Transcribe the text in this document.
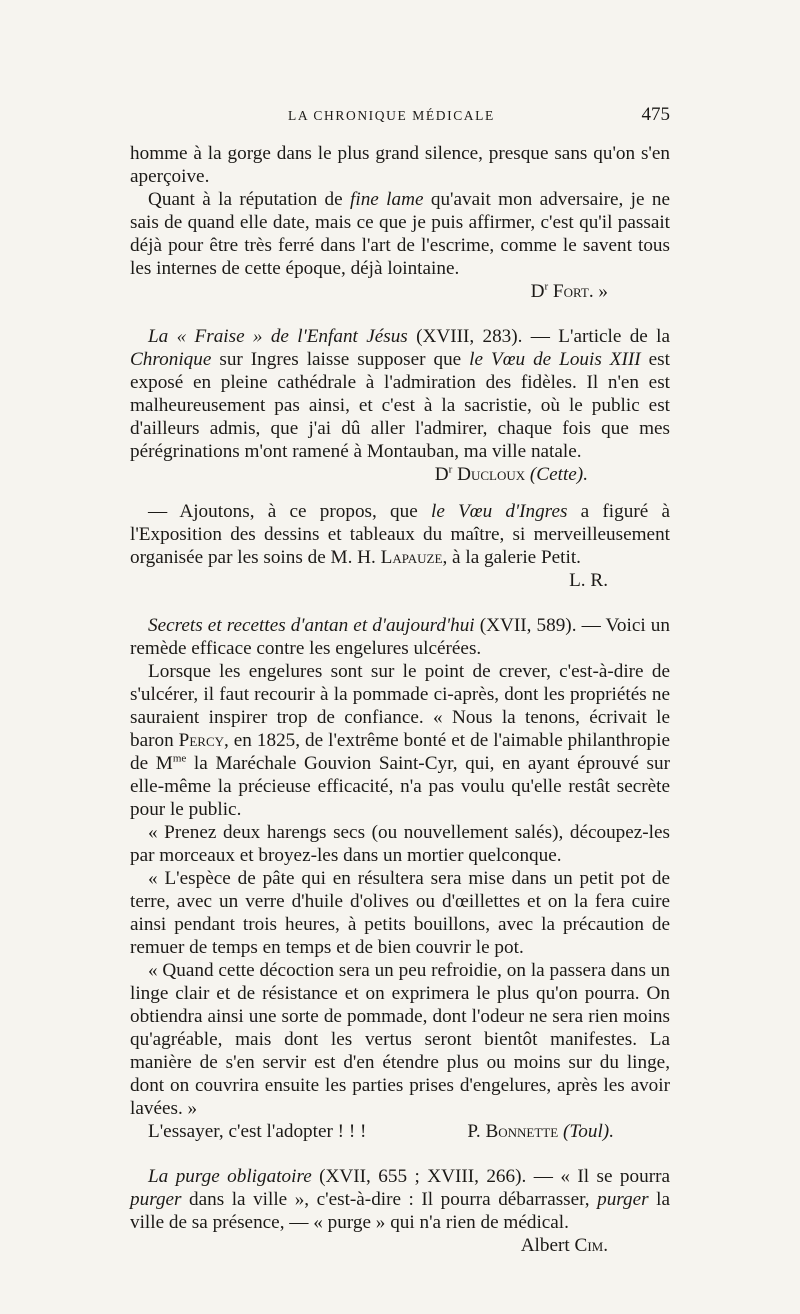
LA CHRONIQUE MÉDICALE	475

homme à la gorge dans le plus grand silence, presque sans qu'on s'en aperçoive.

Quant à la réputation de fine lame qu'avait mon adversaire, je ne sais de quand elle date, mais ce que je puis affirmer, c'est qu'il passait déjà pour être très ferré dans l'art de l'escrime, comme le savent tous les internes de cette époque, déjà lointaine.

$D^r$ Fort. »

La « Fraise » de l'Enfant Jésus (XVIII, 283). — L'article de la Chronique sur Ingres laisse supposer que le Vœu de Louis XIII est exposé en pleine cathédrale à l'admiration des fidèles. Il n'en est malheureusement pas ainsi, et c'est à la sacristie, où le public est d'ailleurs admis, que j'ai dû aller l'admirer, chaque fois que mes pérégrinations m'ont ramené à Montauban, ma ville natale.

$D^r$ Ducloux (Cette).

— Ajoutons, à ce propos, que le Vœu d'Ingres a figuré à l'Exposition des dessins et tableaux du maître, si merveilleusement organisée par les soins de M. H. Lapauze, à la galerie Petit.

L. R.

Secrets et recettes d'antan et d'aujourd'hui (XVII, 589). — Voici un remède efficace contre les engelures ulcérées.

Lorsque les engelures sont sur le point de crever, c'est-à-dire de s'ulcérer, il faut recourir à la pommade ci-après, dont les propriétés ne sauraient inspirer trop de confiance. « Nous la tenons, écrivait le baron Percy, en 1825, de l'extrême bonté et de l'aimable philanthropie de $M^{me}$ la Maréchale Gouvion Saint-Cyr, qui, en ayant éprouvé sur elle-même la précieuse efficacité, n'a pas voulu qu'elle restât secrète pour le public.

« Prenez deux harengs secs (ou nouvellement salés), découpez-les par morceaux et broyez-les dans un mortier quelconque.

« L'espèce de pâte qui en résultera sera mise dans un petit pot de terre, avec un verre d'huile d'olives ou d'œillettes et on la fera cuire ainsi pendant trois heures, à petits bouillons, avec la précaution de remuer de temps en temps et de bien couvrir le pot.

« Quand cette décoction sera un peu refroidie, on la passera dans un linge clair et de résistance et on exprimera le plus qu'on pourra. On obtiendra ainsi une sorte de pommade, dont l'odeur ne sera rien moins qu'agréable, mais dont les vertus seront bientôt manifestes. La manière de s'en servir est d'en étendre plus ou moins sur du linge, dont on couvrira ensuite les parties prises d'engelures, après les avoir lavées. »

L'essayer, c'est l'adopter ! ! !	P. Bonnette (Toul).

La purge obligatoire (XVII, 655 ; XVIII, 266). — « Il se pourra purger dans la ville », c'est-à-dire : Il pourra débarrasser, purger la ville de sa présence, — « purge » qui n'a rien de médical.

Albert Cim.
